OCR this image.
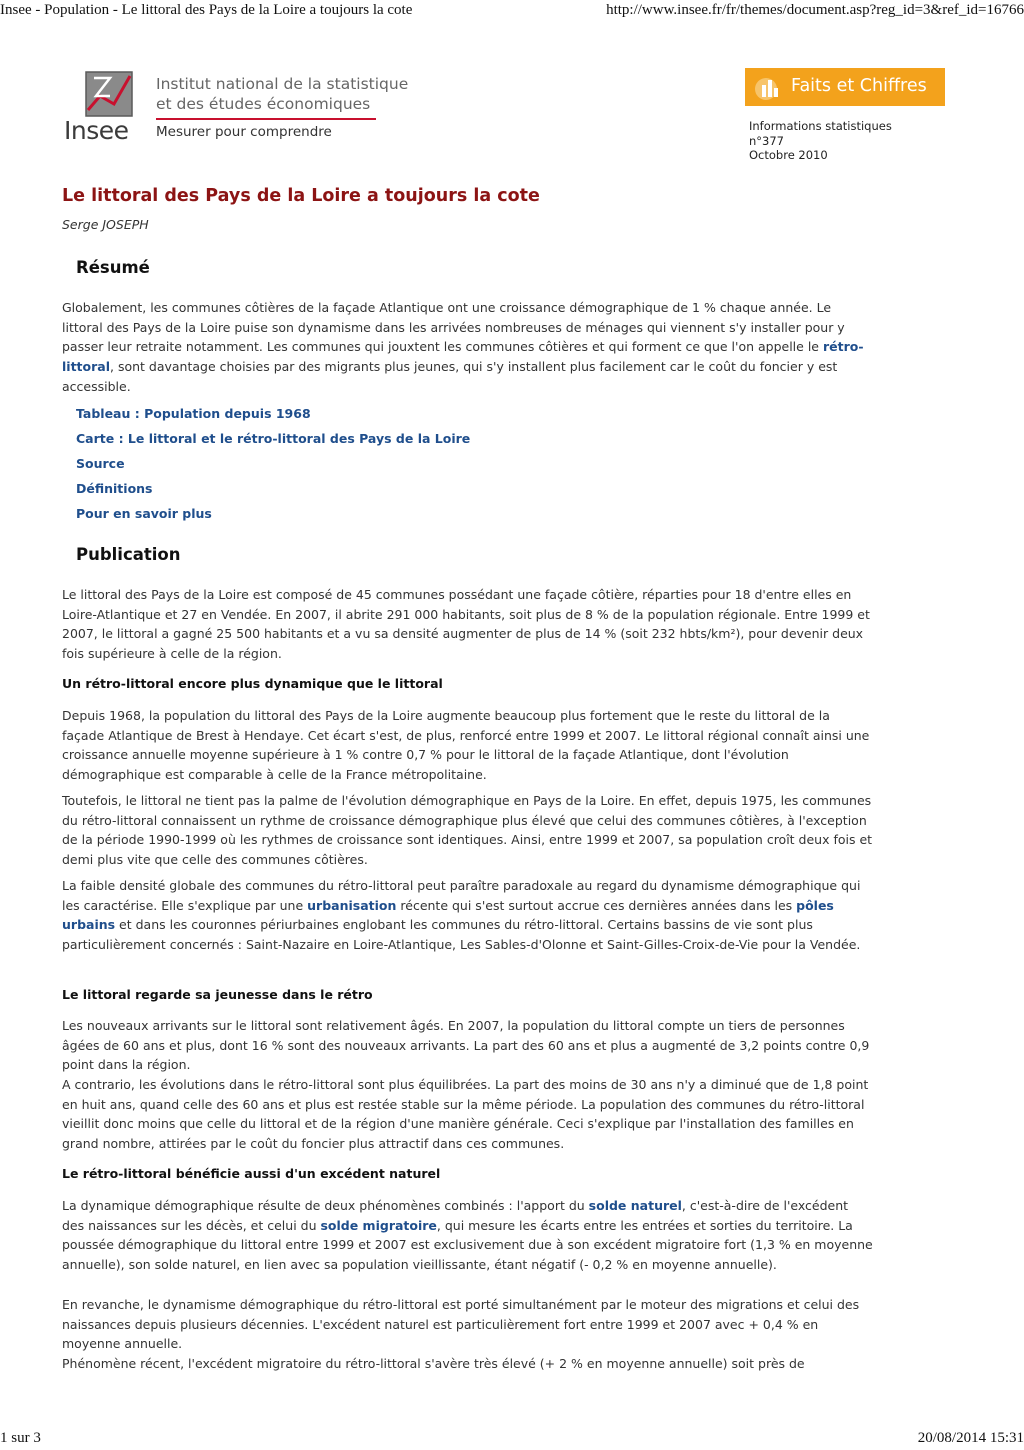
Insee - Population - Le littoral des Pays de la Loire a toujours la cote	http://www.insee.fr/fr/themes/document.asp?reg_id=3&ref_id=16766
Insee
Institut national de la statistique
et des études économiques
Mesurer pour comprendre
Faits et Chiffres
Informations statistiques
n°377
Octobre 2010
Le littoral des Pays de la Loire a toujours la cote
Serge JOSEPH
Résumé

Globalement, les communes côtières de la façade Atlantique ont une croissance démographique de 1 % chaque année. Le littoral des Pays de la Loire puise son dynamisme dans les arrivées nombreuses de ménages qui viennent s'y installer pour y passer leur retraite notamment. Les communes qui jouxtent les communes côtières et qui forment ce que l'on appelle le rétro-littoral, sont davantage choisies par des migrants plus jeunes, qui s'y installent plus facilement car le coût du foncier y est accessible.

Tableau : Population depuis 1968
Carte : Le littoral et le rétro-littoral des Pays de la Loire
Source
Définitions
Pour en savoir plus
Publication

Le littoral des Pays de la Loire est composé de 45 communes possédant une façade côtière, réparties pour 18 d'entre elles en Loire-Atlantique et 27 en Vendée. En 2007, il abrite 291 000 habitants, soit plus de 8 % de la population régionale. Entre 1999 et 2007, le littoral a gagné 25 500 habitants et a vu sa densité augmenter de plus de 14 % (soit 232 hbts/km²), pour devenir deux fois supérieure à celle de la région.

Un rétro-littoral encore plus dynamique que le littoral

Depuis 1968, la population du littoral des Pays de la Loire augmente beaucoup plus fortement que le reste du littoral de la façade Atlantique de Brest à Hendaye. Cet écart s'est, de plus, renforcé entre 1999 et 2007. Le littoral régional connaît ainsi une croissance annuelle moyenne supérieure à 1 % contre 0,7 % pour le littoral de la façade Atlantique, dont l'évolution démographique est comparable à celle de la France métropolitaine.

Toutefois, le littoral ne tient pas la palme de l'évolution démographique en Pays de la Loire. En effet, depuis 1975, les communes du rétro-littoral connaissent un rythme de croissance démographique plus élevé que celui des communes côtières, à l'exception de la période 1990-1999 où les rythmes de croissance sont identiques. Ainsi, entre 1999 et 2007, sa population croît deux fois et demi plus vite que celle des communes côtières.

La faible densité globale des communes du rétro-littoral peut paraître paradoxale au regard du dynamisme démographique qui les caractérise. Elle s'explique par une urbanisation récente qui s'est surtout accrue ces dernières années dans les pôles urbains et dans les couronnes périurbaines englobant les communes du rétro-littoral. Certains bassins de vie sont plus particulièrement concernés : Saint-Nazaire en Loire-Atlantique, Les Sables-d'Olonne et Saint-Gilles-Croix-de-Vie pour la Vendée.

Le littoral regarde sa jeunesse dans le rétro

Les nouveaux arrivants sur le littoral sont relativement âgés. En 2007, la population du littoral compte un tiers de personnes âgées de 60 ans et plus, dont 16 % sont des nouveaux arrivants. La part des 60 ans et plus a augmenté de 3,2 points contre 0,9 point dans la région.

A contrario, les évolutions dans le rétro-littoral sont plus équilibrées. La part des moins de 30 ans n'y a diminué que de 1,8 point en huit ans, quand celle des 60 ans et plus est restée stable sur la même période. La population des communes du rétro-littoral vieillit donc moins que celle du littoral et de la région d'une manière générale. Ceci s'explique par l'installation des familles en grand nombre, attirées par le coût du foncier plus attractif dans ces communes.

Le rétro-littoral bénéficie aussi d'un excédent naturel

La dynamique démographique résulte de deux phénomènes combinés : l'apport du solde naturel, c'est-à-dire de l'excédent des naissances sur les décès, et celui du solde migratoire, qui mesure les écarts entre les entrées et sorties du territoire. La poussée démographique du littoral entre 1999 et 2007 est exclusivement due à son excédent migratoire fort (1,3 % en moyenne annuelle), son solde naturel, en lien avec sa population vieillissante, étant négatif (- 0,2 % en moyenne annuelle).

En revanche, le dynamisme démographique du rétro-littoral est porté simultanément par le moteur des migrations et celui des naissances depuis plusieurs décennies. L'excédent naturel est particulièrement fort entre 1999 et 2007 avec + 0,4 % en moyenne annuelle.

Phénomène récent, l'excédent migratoire du rétro-littoral s'avère très élevé (+ 2 % en moyenne annuelle) soit près de

1 sur 3	20/08/2014 15:31
